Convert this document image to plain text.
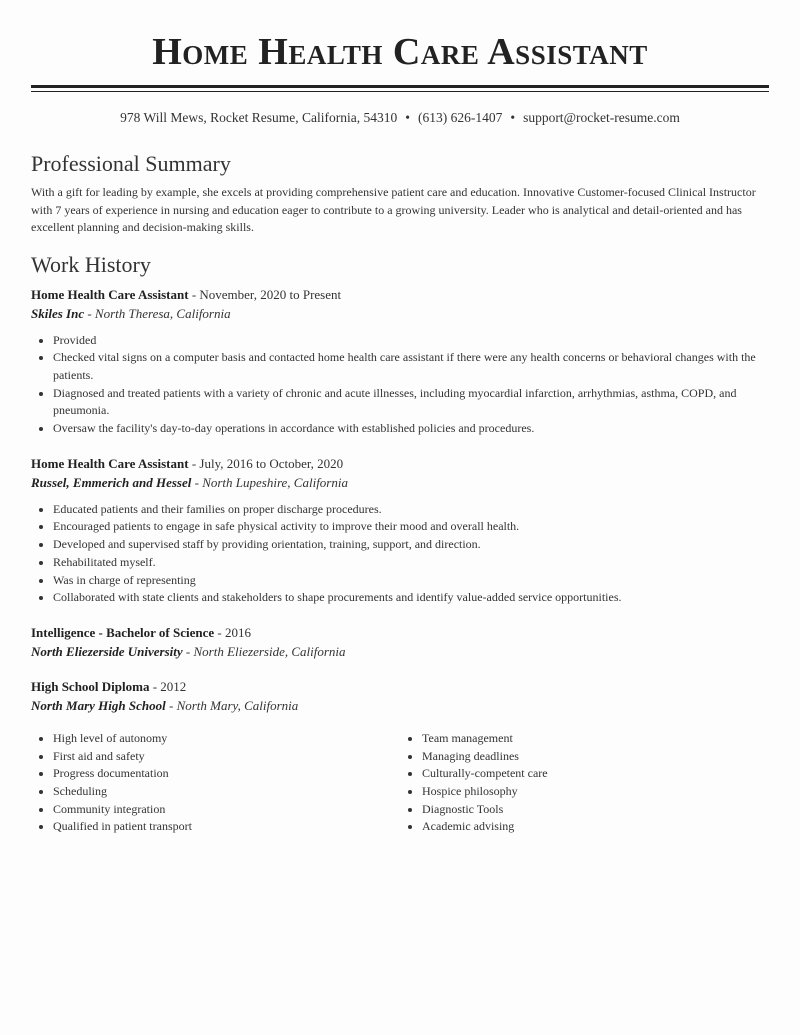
Home Health Care Assistant
978 Will Mews, Rocket Resume, California, 54310 • (613) 626-1407 • support@rocket-resume.com
Professional Summary
With a gift for leading by example, she excels at providing comprehensive patient care and education. Innovative Customer-focused Clinical Instructor with 7 years of experience in nursing and education eager to contribute to a growing university. Leader who is analytical and detail-oriented and has excellent planning and decision-making skills.
Work History
Home Health Care Assistant - November, 2020 to Present
Skiles Inc - North Theresa, California
• Provided
• Checked vital signs on a computer basis and contacted home health care assistant if there were any health concerns or behavioral changes with the patients.
• Diagnosed and treated patients with a variety of chronic and acute illnesses, including myocardial infarction, arrhythmias, asthma, COPD, and pneumonia.
• Oversaw the facility's day-to-day operations in accordance with established policies and procedures.
Home Health Care Assistant - July, 2016 to October, 2020
Russel, Emmerich and Hessel - North Lupeshire, California
• Educated patients and their families on proper discharge procedures.
• Encouraged patients to engage in safe physical activity to improve their mood and overall health.
• Developed and supervised staff by providing orientation, training, support, and direction.
• Rehabilitated myself.
• Was in charge of representing
• Collaborated with state clients and stakeholders to shape procurements and identify value-added service opportunities.
Intelligence - Bachelor of Science - 2016
North Eliezerside University - North Eliezerside, California
High School Diploma - 2012
North Mary High School - North Mary, California
• High level of autonomy
• First aid and safety
• Progress documentation
• Scheduling
• Community integration
• Qualified in patient transport
• Team management
• Managing deadlines
• Culturally-competent care
• Hospice philosophy
• Diagnostic Tools
• Academic advising
